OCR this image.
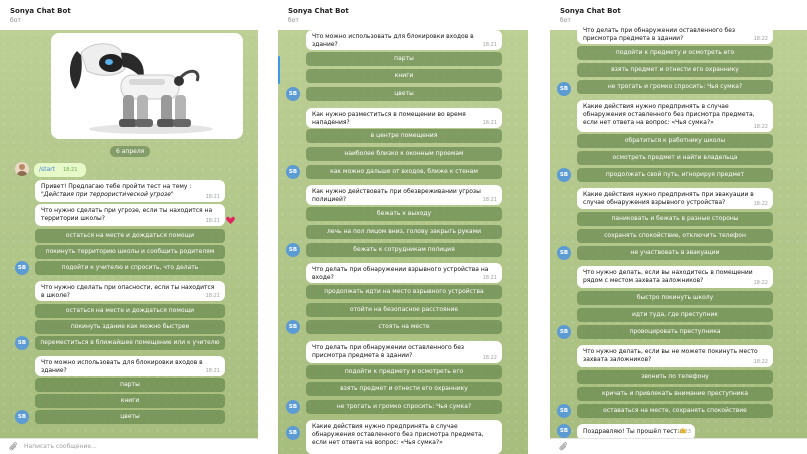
Sonya Chat Bot
бот
6 апреля
/start 18:21
Привет! Предлагаю тебе пройти тест на тему : "Действия при террористической угрозе"	18:21
Что нужно сделать при угрозе, если ты находится на территории школы?	18:21
остаться на месте и дождаться помощи
покинуть территорию школы и сообщить родителям
подойти к учителю и спросить, что делать
SB
Что нужно сделать при опасности, если ты находится в школе?	18:21
остаться на месте и дождаться помощи
покинуть здание как можно быстрее
переместиться в ближайшее помещение или к учителю
SB
Что можно использовать для блокировки входов в здание?	18:21
парты
книги
цветы
SB
Написать сообщение...
Sonya Chat Bot
бот
Что можно использовать для блокировки входов в здание?	18:21
парты
книги
цветы
SB
Как нужно разместиться в помещении во время нападения?	18:21
в центре помещения
наиболее близко к оконным проемам
как можно дальше от входов, ближе к стенам
SB
Как нужно действовать при обезвреживании угрозы полицией?	18:21
бежать к выходу
лечь на пол лицом вниз, голову закрыть руками
бежать к сотрудникам полиция
SB
Что делать при обнаружении взрывного устройства на входе?	18:21
продолжать идти на место взрывного устройства
отойти на безопасное расстояние
стоять на месте
SB
Что делать при обнаружении оставленного без присмотра предмета в здании?	18:22
подойти к предмету и осмотреть его
взять предмет и отнести его охраннику
не трогать и громко спросить: Чья сумка?
SB
Какие действия нужно предпринять в случае обнаружения оставленного без присмотра предмета, если нет ответа на вопрос: «Чья сумка?»
SB
Что делать при обнаружении оставленного без присмотра предмета в здании?	18:22
Sonya Chat Bot
бот
подойти к предмету и осмотреть его
взять предмет и отнести его охраннику
не трогать и громко спросить: Чья сумка?
SB
Какие действия нужно предпринять в случае обнаружения оставленного без присмотра предмета, если нет ответа на вопрос: «Чья сумка?»
18:22
обратиться к работнику школы
осмотреть предмет и найти владельца
продолжать свой путь, игнорируя предмет
SB
Какие действия нужно предпринять при эвакуации в случае обнаружения взрывного устройства?	18:22
паниковать и бежать в разные стороны
сохранять спокойствие, отключить телефон
не участвовать в эвакуации
SB
Что нужно делать, если вы находитесь в помещении рядом с местом захвата заложников?	18:22
быстро покинуть школу
идти туда, где преступник
провоцировать преступника
SB
Что нужно делать, если вы не можете покинуть место захвата заложников?	18:22
звонить по телефону
кричать и привлекать внимание преступника
оставаться на месте, сохранять спокойствие
SB
Поздравляю! Ты прошёл тест 18:23
SB
